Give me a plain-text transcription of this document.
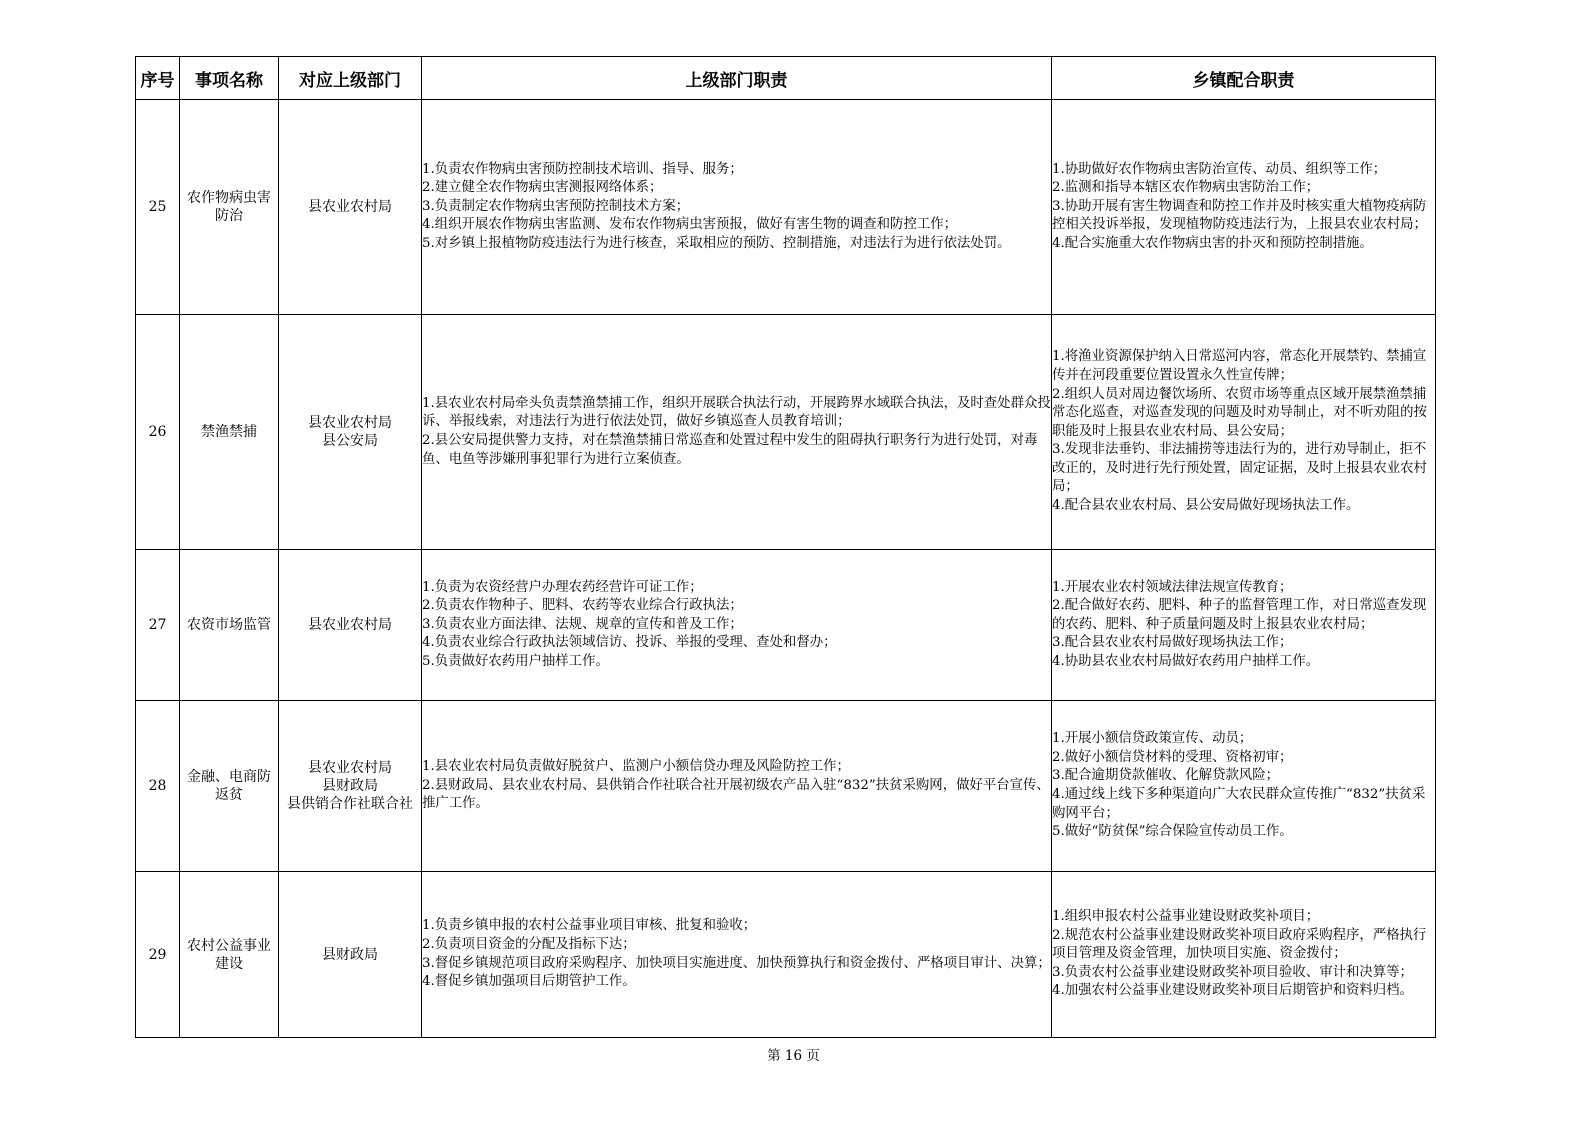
序号	事项名称	对应上级部门	上级部门职责	乡镇配合职责
25	农作物病虫害防治	县农业农村局	1.负责农作物病虫害预防控制技术培训、指导、服务；
2.建立健全农作物病虫害测报网络体系；
3.负责制定农作物病虫害预防控制技术方案；
4.组织开展农作物病虫害监测、发布农作物病虫害预报，做好有害生物的调查和防控工作；
5.对乡镇上报植物防疫违法行为进行核查，采取相应的预防、控制措施，对违法行为进行依法处罚。	1.协助做好农作物病虫害防治宣传、动员、组织等工作；
2.监测和指导本辖区农作物病虫害防治工作；
3.协助开展有害生物调查和防控工作并及时核实重大植物疫病防控相关投诉举报，发现植物防疫违法行为，上报县农业农村局；
4.配合实施重大农作物病虫害的扑灭和预防控制措施。

26	禁渔禁捕	县农业农村局
县公安局	1.县农业农村局牵头负责禁渔禁捕工作，组织开展联合执法行动，开展跨界水域联合执法，及时查处群众投诉、举报线索，对违法行为进行依法处罚，做好乡镇巡查人员教育培训；
2.县公安局提供警力支持，对在禁渔禁捕日常巡查和处置过程中发生的阻碍执行职务行为进行处罚，对毒鱼、电鱼等涉嫌刑事犯罪行为进行立案侦查。	1.将渔业资源保护纳入日常巡河内容，常态化开展禁钓、禁捕宣传并在河段重要位置设置永久性宣传牌；
2.组织人员对周边餐饮场所、农贸市场等重点区域开展禁渔禁捕常态化巡查，对巡查发现的问题及时劝导制止，对不听劝阻的按职能及时上报县农业农村局、县公安局；
3.发现非法垂钓、非法捕捞等违法行为的，进行劝导制止，拒不改正的，及时进行先行预处置，固定证据，及时上报县农业农村局；
4.配合县农业农村局、县公安局做好现场执法工作。

27	农资市场监管	县农业农村局	1.负责为农资经营户办理农药经营许可证工作；
2.负责农作物种子、肥料、农药等农业综合行政执法；
3.负责农业方面法律、法规、规章的宣传和普及工作；
4.负责农业综合行政执法领域信访、投诉、举报的受理、查处和督办；
5.负责做好农药用户抽样工作。	1.开展农业农村领域法律法规宣传教育；
2.配合做好农药、肥料、种子的监督管理工作，对日常巡查发现的农药、肥料、种子质量问题及时上报县农业农村局；
3.配合县农业农村局做好现场执法工作；
4.协助县农业农村局做好农药用户抽样工作。

28	金融、电商防返贫	县农业农村局
县财政局
县供销合作社联合社	1.县农业农村局负责做好脱贫户、监测户小额信贷办理及风险防控工作；
2.县财政局、县农业农村局、县供销合作社联合社开展初级农产品入驻“832”扶贫采购网，做好平台宣传、推广工作。	1.开展小额信贷政策宣传、动员；
2.做好小额信贷材料的受理、资格初审；
3.配合逾期贷款催收、化解贷款风险；
4.通过线上线下多种渠道向广大农民群众宣传推广“832”扶贫采购网平台；
5.做好“防贫保”综合保险宣传动员工作。

29	农村公益事业建设	县财政局	1.负责乡镇申报的农村公益事业项目审核、批复和验收；
2.负责项目资金的分配及指标下达；
3.督促乡镇规范项目政府采购程序、加快项目实施进度、加快预算执行和资金拨付、严格项目审计、决算；
4.督促乡镇加强项目后期管护工作。	1.组织申报农村公益事业建设财政奖补项目；
2.规范农村公益事业建设财政奖补项目政府采购程序，严格执行项目管理及资金管理，加快项目实施、资金拨付；
3.负责农村公益事业建设财政奖补项目验收、审计和决算等；
4.加强农村公益事业建设财政奖补项目后期管护和资料归档。
第 16 页
